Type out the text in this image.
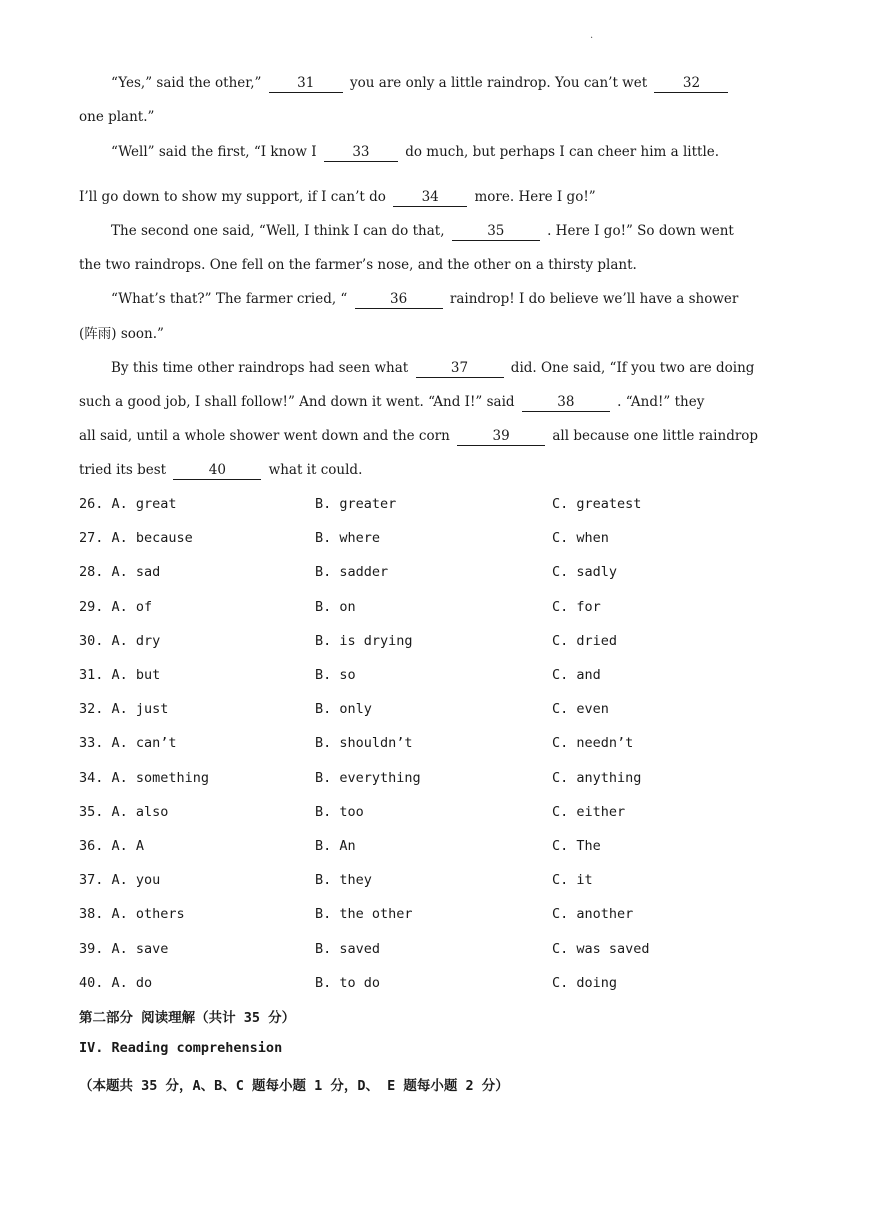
.
“Yes,” said the other,”	31	you are only a little raindrop. You can’t wet	32
one plant.”
“Well” said the first, “I know I	33	do much, but perhaps I can cheer him a little.
I’ll go down to show my support, if I can’t do	34	more. Here I go!”
The second one said, “Well, I think I can do that,	35	. Here I go!” So down went
the two raindrops. One fell on the farmer’s nose, and the other on a thirsty plant.
“What’s that?” The farmer cried, “	36	raindrop! I do believe we’ll have a shower
(阵雨) soon.”
By this time other raindrops had seen what	37	did. One said, “If you two are doing
such a good job, I shall follow!” And down it went. “And I!” said	38	. “And!” they
all said, until a whole shower went down and the corn	39	all because one little raindrop
tried its best	40	what it could.
26. A. great	B. greater	C. greatest
27. A. because	B. where	C. when
28. A. sad	B. sadder	C. sadly
29. A. of	B. on	C. for
30. A. dry	B. is drying	C. dried
31. A. but	B. so	C. and
32. A. just	B. only	C. even
33. A. can’t	B. shouldn’t	C. needn’t
34. A. something	B. everything	C. anything
35. A. also	B. too	C. either
36. A. A	B. An	C. The
37. A. you	B. they	C. it
38. A. others	B. the other	C. another
39. A. save	B. saved	C. was saved
40. A. do	B. to do	C. doing
第二部分 阅读理解（共计 35 分）
IV. Reading comprehension
（本题共 35 分，A、B、C 题每小题 1 分，D、 E 题每小题 2 分）
